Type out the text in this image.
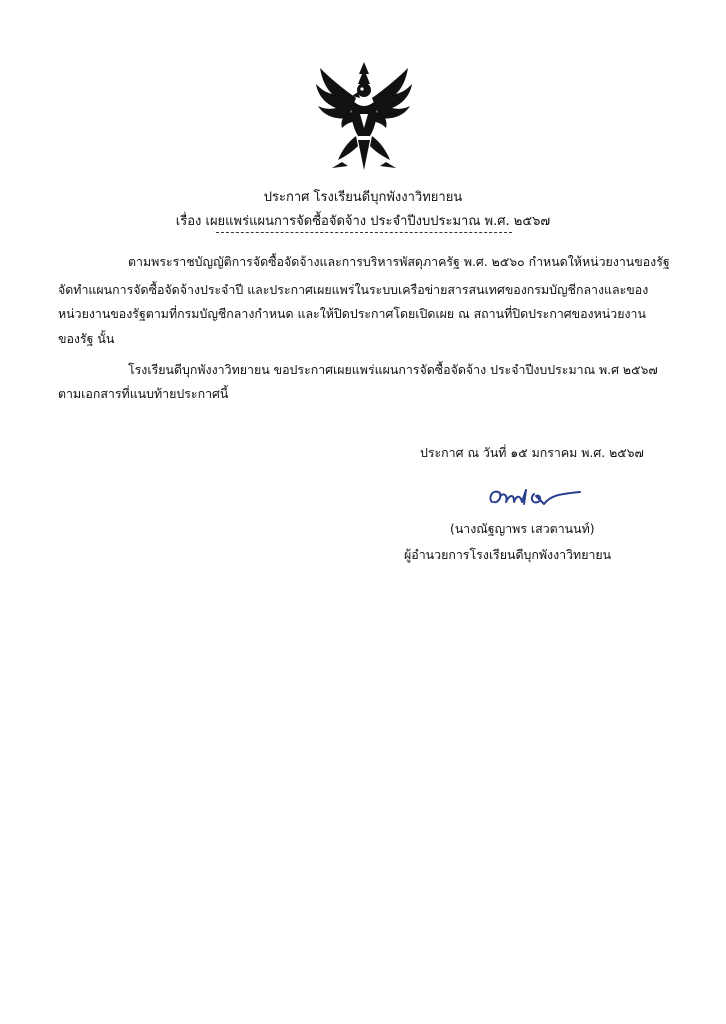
ประกาศ โรงเรียนดีบุกพังงาวิทยายน
เรื่อง เผยแพร่แผนการจัดซื้อจัดจ้าง ประจำปีงบประมาณ พ.ศ. ๒๕๖๗
ตามพระราชบัญญัติการจัดซื้อจัดจ้างและการบริหารพัสดุภาครัฐ พ.ศ. ๒๕๖๐ กำหนดให้หน่วยงานของรัฐ
จัดทำแผนการจัดซื้อจัดจ้างประจำปี และประกาศเผยแพร่ในระบบเครือข่ายสารสนเทศของกรมบัญชีกลางและของ
หน่วยงานของรัฐตามที่กรมบัญชีกลางกำหนด และให้ปิดประกาศโดยเปิดเผย ณ สถานที่ปิดประกาศของหน่วยงาน
ของรัฐ นั้น
โรงเรียนดีบุกพังงาวิทยายน ขอประกาศเผยแพร่แผนการจัดซื้อจัดจ้าง ประจำปีงบประมาณ พ.ศ ๒๕๖๗
ตามเอกสารที่แนบท้ายประกาศนี้
ประกาศ ณ วันที่ ๑๕ มกราคม พ.ศ. ๒๕๖๗
(นางณัฐญาพร เสวตานนท์)
ผู้อำนวยการโรงเรียนดีบุกพังงาวิทยายน
